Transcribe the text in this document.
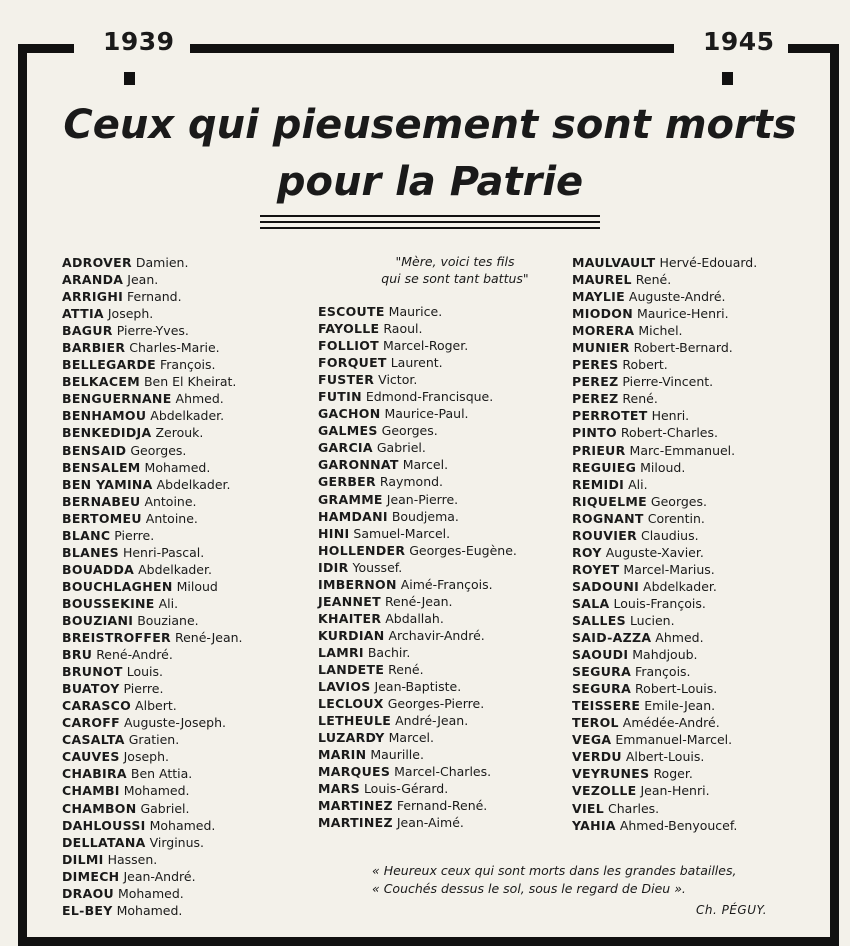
1939	1945
Ceux qui pieusement sont morts
pour la Patrie
"Mère, voici tes fils
qui se sont tant battus"
ADROVER Damien.
ARANDA Jean.
ARRIGHI Fernand.
ATTIA Joseph.
BAGUR Pierre-Yves.
BARBIER Charles-Marie.
BELLEGARDE François.
BELKACEM Ben El Kheirat.
BENGUERNANE Ahmed.
BENHAMOU Abdelkader.
BENKEDIDJA Zerouk.
BENSAID Georges.
BENSALEM Mohamed.
BEN YAMINA Abdelkader.
BERNABEU Antoine.
BERTOMEU Antoine.
BLANC Pierre.
BLANES Henri-Pascal.
BOUADDA Abdelkader.
BOUCHLAGHEN Miloud
BOUSSEKINE Ali.
BOUZIANI Bouziane.
BREISTROFFER René-Jean.
BRU René-André.
BRUNOT Louis.
BUATOY Pierre.
CARASCO Albert.
CAROFF Auguste-Joseph.
CASALTA Gratien.
CAUVES Joseph.
CHABIRA Ben Attia.
CHAMBI Mohamed.
CHAMBON Gabriel.
DAHLOUSSI Mohamed.
DELLATANA Virginus.
DILMI Hassen.
DIMECH Jean-André.
DRAOU Mohamed.
EL-BEY Mohamed.
ESCOUTE Maurice.
FAYOLLE Raoul.
FOLLIOT Marcel-Roger.
FORQUET Laurent.
FUSTER Victor.
FUTIN Edmond-Francisque.
GACHON Maurice-Paul.
GALMES Georges.
GARCIA Gabriel.
GARONNAT Marcel.
GERBER Raymond.
GRAMME Jean-Pierre.
HAMDANI Boudjema.
HINI Samuel-Marcel.
HOLLENDER Georges-Eugène.
IDIR Youssef.
IMBERNON Aimé-François.
JEANNET René-Jean.
KHAITER Abdallah.
KURDIAN Archavir-André.
LAMRI Bachir.
LANDETE René.
LAVIOS Jean-Baptiste.
LECLOUX Georges-Pierre.
LETHEULE André-Jean.
LUZARDY Marcel.
MARIN Maurille.
MARQUES Marcel-Charles.
MARS Louis-Gérard.
MARTINEZ Fernand-René.
MARTINEZ Jean-Aimé.
MAULVAULT Hervé-Edouard.
MAUREL René.
MAYLIE Auguste-André.
MIODON Maurice-Henri.
MORERA Michel.
MUNIER Robert-Bernard.
PERES Robert.
PEREZ Pierre-Vincent.
PEREZ René.
PERROTET Henri.
PINTO Robert-Charles.
PRIEUR Marc-Emmanuel.
REGUIEG Miloud.
REMIDI Ali.
RIQUELME Georges.
ROGNANT Corentin.
ROUVIER Claudius.
ROY Auguste-Xavier.
ROYET Marcel-Marius.
SADOUNI Abdelkader.
SALA Louis-François.
SALLES Lucien.
SAID-AZZA Ahmed.
SAOUDI Mahdjoub.
SEGURA François.
SEGURA Robert-Louis.
TEISSERE Emile-Jean.
TEROL Amédée-André.
VEGA Emmanuel-Marcel.
VERDU Albert-Louis.
VEYRUNES Roger.
VEZOLLE Jean-Henri.
VIEL Charles.
YAHIA Ahmed-Benyoucef.
« Heureux ceux qui sont morts dans les grandes batailles,
« Couchés dessus le sol, sous le regard de Dieu ».
Ch. PÉGUY.
